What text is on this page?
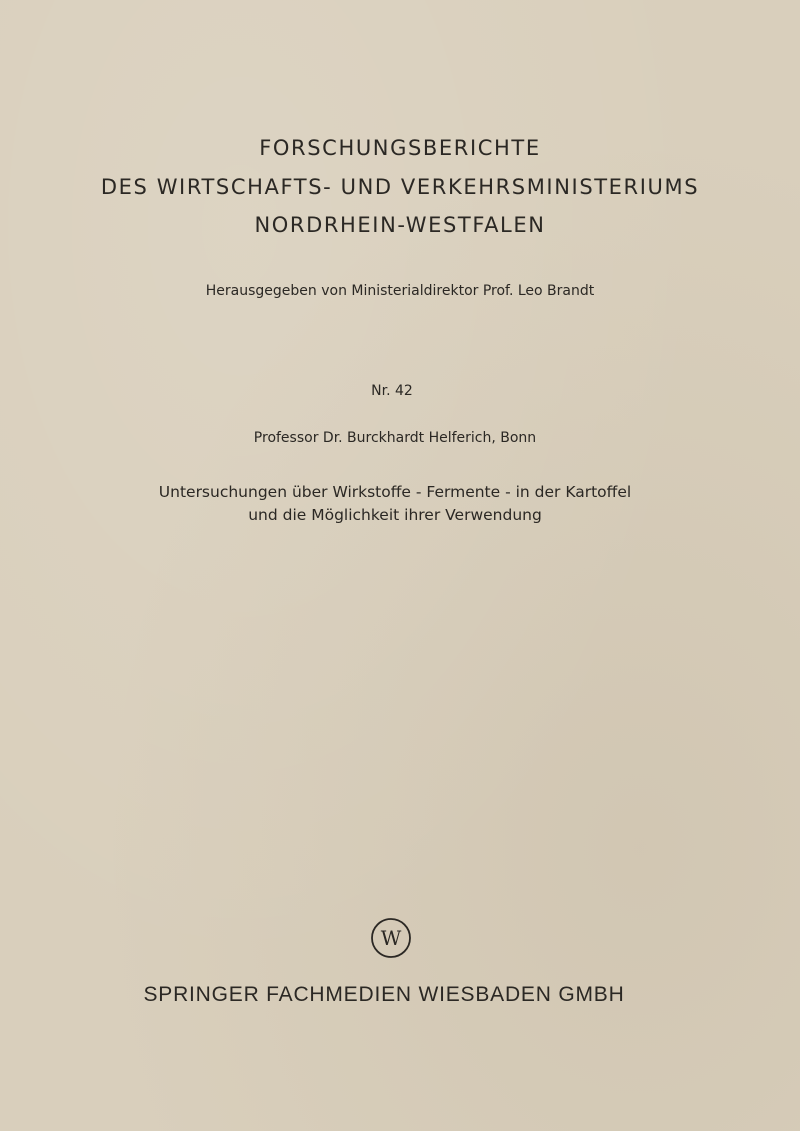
FORSCHUNGSBERICHTE
DES WIRTSCHAFTS- UND VERKEHRSMINISTERIUMS
NORDRHEIN-WESTFALEN
Herausgegeben von Ministerialdirektor Prof. Leo Brandt
Nr. 42
Professor Dr. Burckhardt Helferich, Bonn
Untersuchungen über Wirkstoffe - Fermente - in der Kartoffel
und die Möglichkeit ihrer Verwendung
W
SPRINGER FACHMEDIEN WIESBADEN GMBH
